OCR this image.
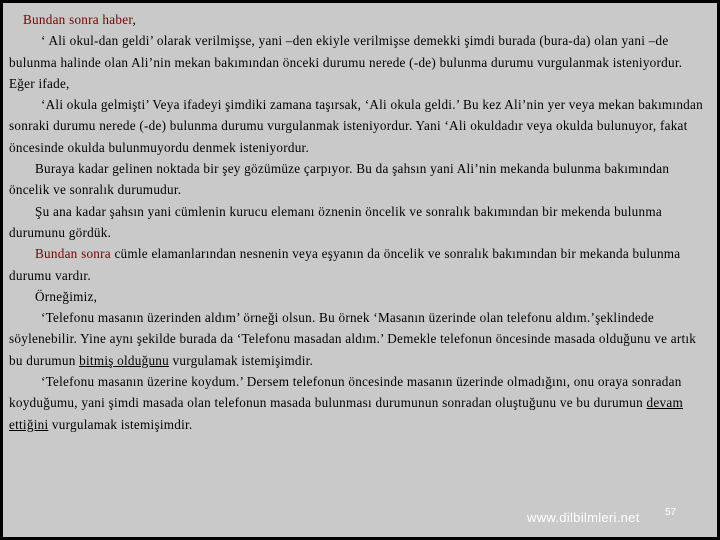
Bundan sonra haber,

‘ Ali okul-dan geldi’ olarak verilmişse, yani –den ekiyle verilmişse demekki şimdi burada (bura-da) olan yani –de bulunma halinde olan Ali’nin mekan bakımından önceki durumu nerede (-de) bulunma durumu vurgulanmak isteniyordur. Eğer ifade,

‘Ali okula gelmişti’ Veya ifadeyi şimdiki zamana taşırsak, ‘Ali okula geldi.’ Bu kez Ali’nin yer veya mekan bakımından sonraki durumu nerede (-de) bulunma durumu vurgulanmak isteniyordur. Yani ‘Ali okuldadır veya okulda bulunuyor, fakat öncesinde okulda bulunmuyordu denmek isteniyordur.

Buraya kadar gelinen noktada bir şey gözümüze çarpıyor. Bu da şahsın yani Ali’nin mekanda bulunma bakımından öncelik ve sonralık durumudur.

Şu ana kadar şahsın yani cümlenin kurucu elemanı öznenin öncelik ve sonralık bakımından bir mekenda bulunma durumunu gördük.

Bundan sonra cümle elamanlarından nesnenin veya eşyanın da öncelik ve sonralık bakımından bir mekanda bulunma durumu vardır.

Örneğimiz,

‘Telefonu masanın üzerinden aldım’ örneği olsun. Bu örnek ‘Masanın üzerinde olan telefonu aldım.’şeklindede söylenebilir. Yine aynı şekilde burada da ‘Telefonu masadan aldım.’ Demekle telefonun öncesinde masada olduğunu ve artık bu durumun bitmiş olduğunu vurgulamak istemişimdir.

‘Telefonu masanın üzerine koydum.’ Dersem telefonun öncesinde masanın üzerinde olmadığını, onu oraya sonradan koyduğumu, yani şimdi masada olan telefonun masada bulunması durumunun sonradan oluştuğunu ve bu durumun devam ettiğini vurgulamak istemişimdir.

www.dilbilmleri.net	57
